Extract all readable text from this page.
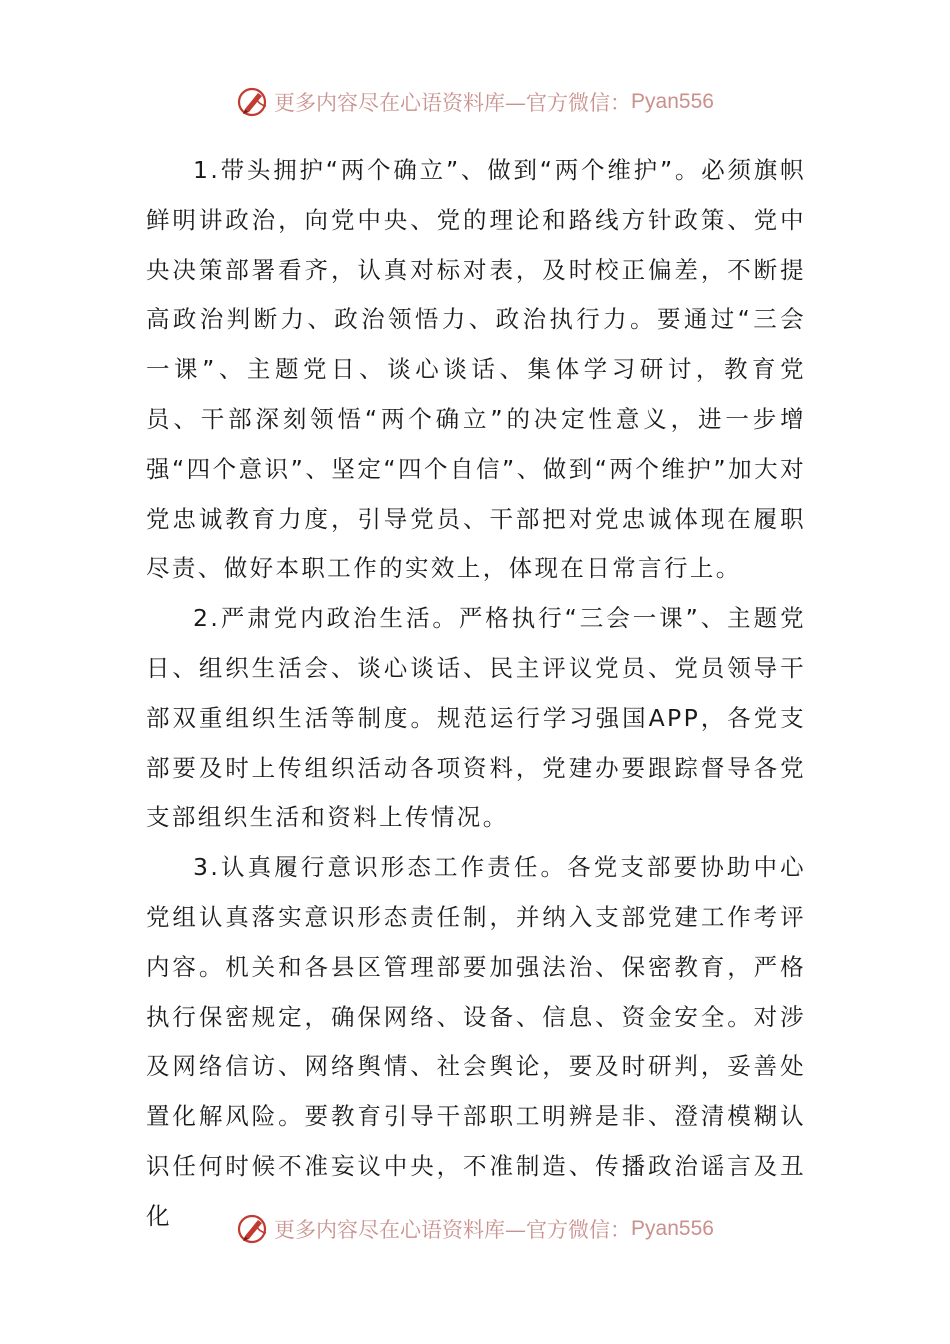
更多内容尽在心语资料库—官方微信： Pyan556

1.带头拥护“两个确立”、做到“两个维护”。必须旗帜鲜明讲政治，向党中央、党的理论和路线方针政策、党中央决策部署看齐，认真对标对表，及时校正偏差，不断提高政治判断力、政治领悟力、政治执行力。要通过“三会一课”、主题党日、谈心谈话、集体学习研讨，教育党员、干部深刻领悟“两个确立”的决定性意义，进一步增强“四个意识”、坚定“四个自信”、做到“两个维护”加大对党忠诚教育力度，引导党员、干部把对党忠诚体现在履职尽责、做好本职工作的实效上，体现在日常言行上。

2.严肃党内政治生活。严格执行“三会一课”、主题党日、组织生活会、谈心谈话、民主评议党员、党员领导干部双重组织生活等制度。规范运行学习强国APP，各党支部要及时上传组织活动各项资料，党建办要跟踪督导各党支部组织生活和资料上传情况。

3.认真履行意识形态工作责任。各党支部要协助中心党组认真落实意识形态责任制，并纳入支部党建工作考评内容。机关和各县区管理部要加强法治、保密教育，严格执行保密规定，确保网络、设备、信息、资金安全。对涉及网络信访、网络舆情、社会舆论，要及时研判，妥善处置化解风险。要教育引导干部职工明辨是非、澄清模糊认识任何时候不准妄议中央，不准制造、传播政治谣言及丑化

更多内容尽在心语资料库—官方微信： Pyan556
